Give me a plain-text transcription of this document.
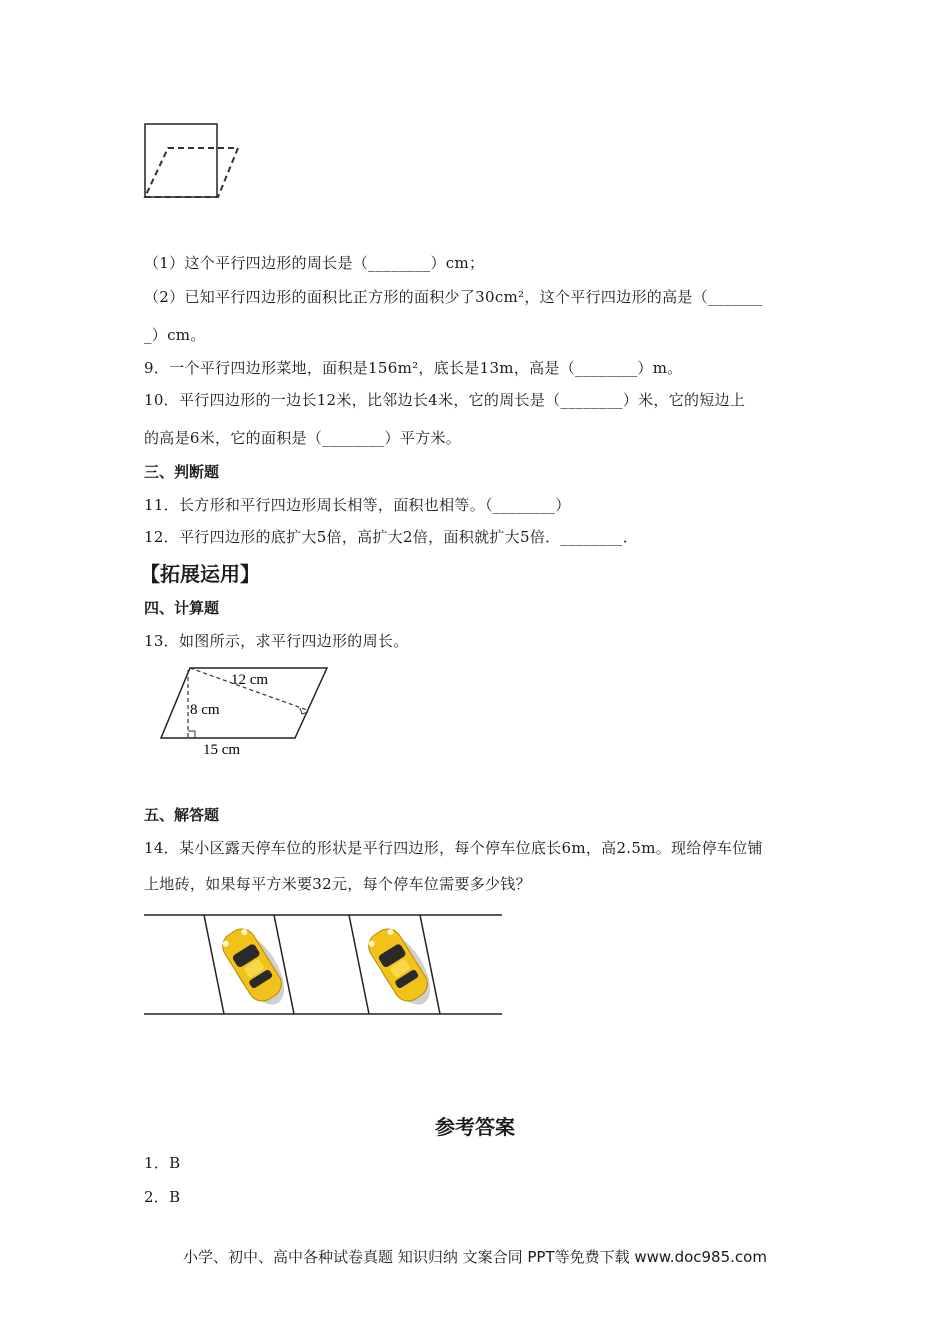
（1）这个平行四边形的周长是（________）cm；
（2）已知平行四边形的面积比正方形的面积少了30cm²，这个平行四边形的高是（_______
_）cm。
9．一个平行四边形菜地，面积是156m²，底长是13m，高是（________）m。
10．平行四边形的一边长12米，比邻边长4米，它的周长是（________）米，它的短边上
的高是6米，它的面积是（________）平方米。
三、判断题
11．长方形和平行四边形周长相等，面积也相等。（________）
12．平行四边形的底扩大5倍，高扩大2倍，面积就扩大5倍．________．
【拓展运用】
四、计算题
13．如图所示，求平行四边形的周长。
12 cm
8 cm
15 cm
五、解答题
14．某小区露天停车位的形状是平行四边形，每个停车位底长6m，高2.5m。现给停车位铺
上地砖，如果每平方米要32元，每个停车位需要多少钱？
参考答案
1．B
2．B
小学、初中、高中各种试卷真题 知识归纳 文案合同 PPT等免费下载 www.doc985.com
